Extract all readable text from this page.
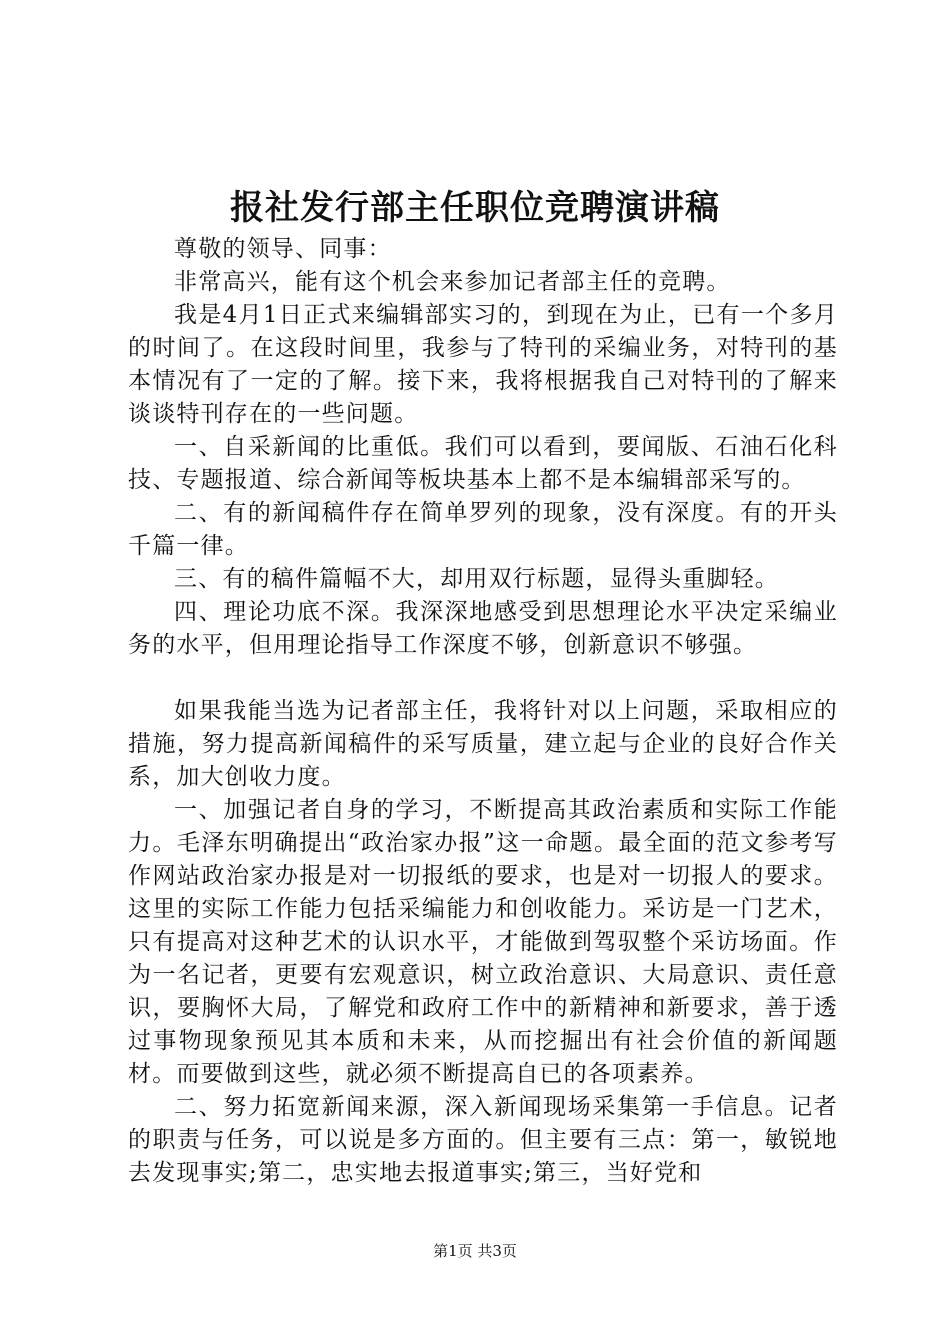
报社发行部主任职位竞聘演讲稿

尊敬的领导、同事：

非常高兴，能有这个机会来参加记者部主任的竞聘。

我是4月1日正式来编辑部实习的，到现在为止，已有一个多月的时间了。在这段时间里，我参与了特刊的采编业务，对特刊的基本情况有了一定的了解。接下来，我将根据我自己对特刊的了解来谈谈特刊存在的一些问题。

一、自采新闻的比重低。我们可以看到，要闻版、石油石化科技、专题报道、综合新闻等板块基本上都不是本编辑部采写的。

二、有的新闻稿件存在简单罗列的现象，没有深度。有的开头千篇一律。

三、有的稿件篇幅不大，却用双行标题，显得头重脚轻。

四、理论功底不深。我深深地感受到思想理论水平决定采编业务的水平，但用理论指导工作深度不够，创新意识不够强。

如果我能当选为记者部主任，我将针对以上问题，采取相应的措施，努力提高新闻稿件的采写质量，建立起与企业的良好合作关系，加大创收力度。

一、加强记者自身的学习，不断提高其政治素质和实际工作能力。毛泽东明确提出“政治家办报”这一命题。最全面的范文参考写作网站政治家办报是对一切报纸的要求，也是对一切报人的要求。这里的实际工作能力包括采编能力和创收能力。采访是一门艺术，只有提高对这种艺术的认识水平，才能做到驾驭整个采访场面。作为一名记者，更要有宏观意识，树立政治意识、大局意识、责任意识，要胸怀大局，了解党和政府工作中的新精神和新要求，善于透过事物现象预见其本质和未来，从而挖掘出有社会价值的新闻题材。而要做到这些，就必须不断提高自已的各项素养。

二、努力拓宽新闻来源，深入新闻现场采集第一手信息。记者的职责与任务，可以说是多方面的。但主要有三点：第一，敏锐地去发现事实;第二，忠实地去报道事实;第三，当好党和

第1页 共3页
